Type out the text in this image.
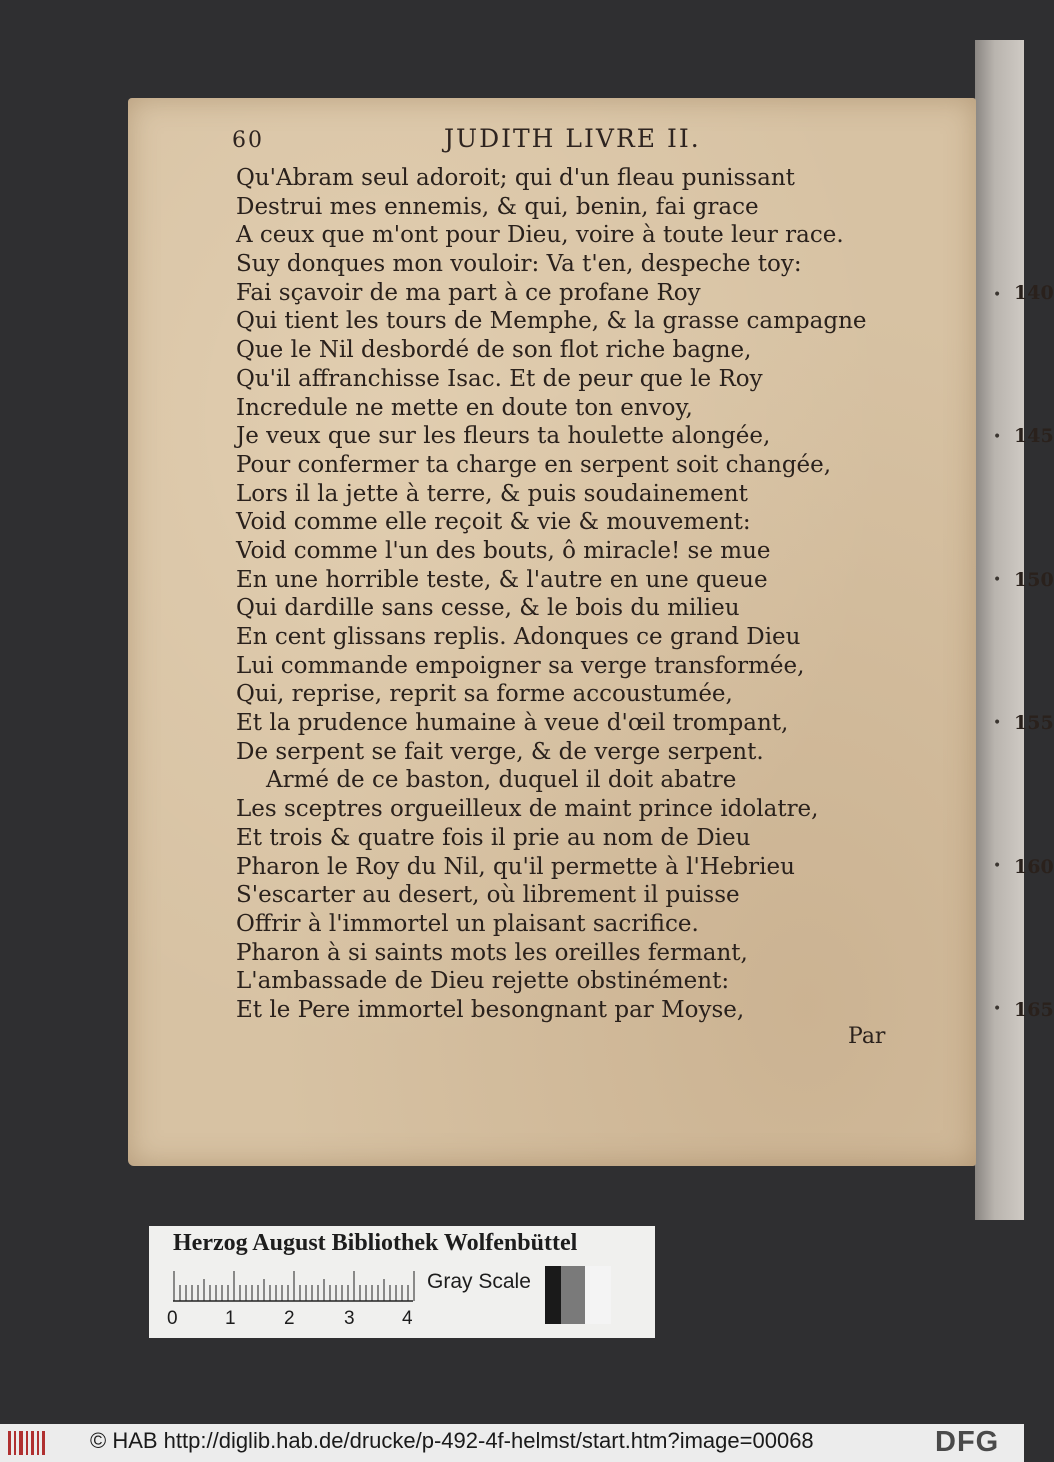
•
•
•
•
•
•
60	JUDITH LIVRE II.
Qu'Abram seul adoroit; qui d'un fleau punissant
Destrui mes ennemis, & qui, benin, fai grace
A ceux que m'ont pour Dieu, voire à toute leur race.
Suy donques mon vouloir: Va t'en, despeche toy:
Fai sçavoir de ma part à ce profane Roy	140
Qui tient les tours de Memphe, & la grasse campagne
Que le Nil desbordé de son flot riche bagne,
Qu'il affranchisse Isac. Et de peur que le Roy
Incredule ne mette en doute ton envoy,
Je veux que sur les fleurs ta houlette alongée,	145
Pour confermer ta charge en serpent soit changée,
Lors il la jette à terre, & puis soudainement
Void comme elle reçoit & vie & mouvement:
Void comme l'un des bouts, ô miracle! se mue
En une horrible teste, & l'autre en une queue	150
Qui dardille sans cesse, & le bois du milieu
En cent glissans replis. Adonques ce grand Dieu
Lui commande empoigner sa verge transformée,
Qui, reprise, reprit sa forme accoustumée,
Et la prudence humaine à veue d'œil trompant,	155
De serpent se fait verge, & de verge serpent.
Armé de ce baston, duquel il doit abatre
Les sceptres orgueilleux de maint prince idolatre,
Et trois & quatre fois il prie au nom de Dieu
Pharon le Roy du Nil, qu'il permette à l'Hebrieu	160
S'escarter au desert, où librement il puisse
Offrir à l'immortel un plaisant sacrifice.
Pharon à si saints mots les oreilles fermant,
L'ambassade de Dieu rejette obstinément:
Et le Pere immortel besongnant par Moyse,	165
Par
Herzog August Bibliothek Wolfenbüttel
0 1	2	3 4
Gray Scale
© HAB http://diglib.hab.de/drucke/p-492-4f-helmst/start.htm?image=00068	DFG
